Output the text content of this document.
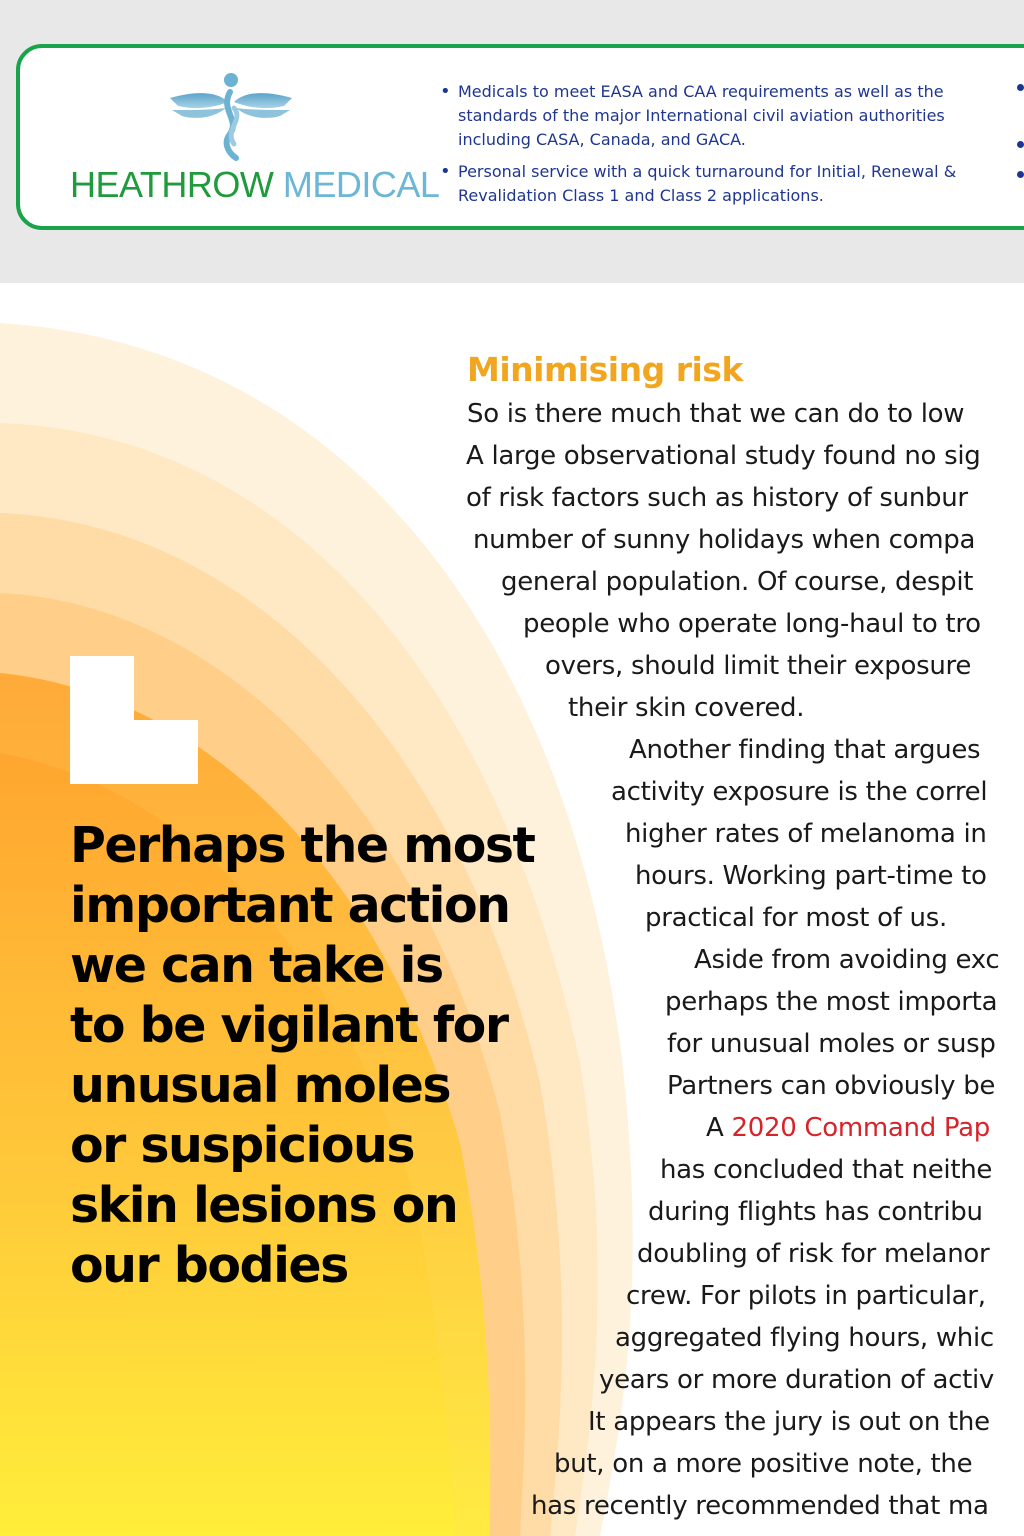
HEATHROW MEDICAL
• Medicals to meet EASA and CAA requirements as well as the standards of the major International civil aviation authorities including CASA, Canada, and GACA.
• Personal service with a quick turnaround for Initial, Renewal & Revalidation Class 1 and Class 2 applications.
Perhaps the most
important action
we can take is
to be vigilant for
unusual moles
or suspicious
skin lesions on
our bodies
Minimising risk
So is there much that we can do to low
A large observational study found no sig
of risk factors such as history of sunbur
number of sunny holidays when compa
general population. Of course, despit
people who operate long-haul to tro
overs, should limit their exposure
their skin covered.
Another finding that argues
activity exposure is the correl
higher rates of melanoma in
hours. Working part-time to
practical for most of us.
Aside from avoiding exc
perhaps the most importa
for unusual moles or susp
Partners can obviously be
A 2020 Command Pap
has concluded that neithe
during flights has contribu
doubling of risk for melanor
crew. For pilots in particular,
aggregated flying hours, whic
years or more duration of activ
It appears the jury is out on the
but, on a more positive note, the
has recently recommended that ma
